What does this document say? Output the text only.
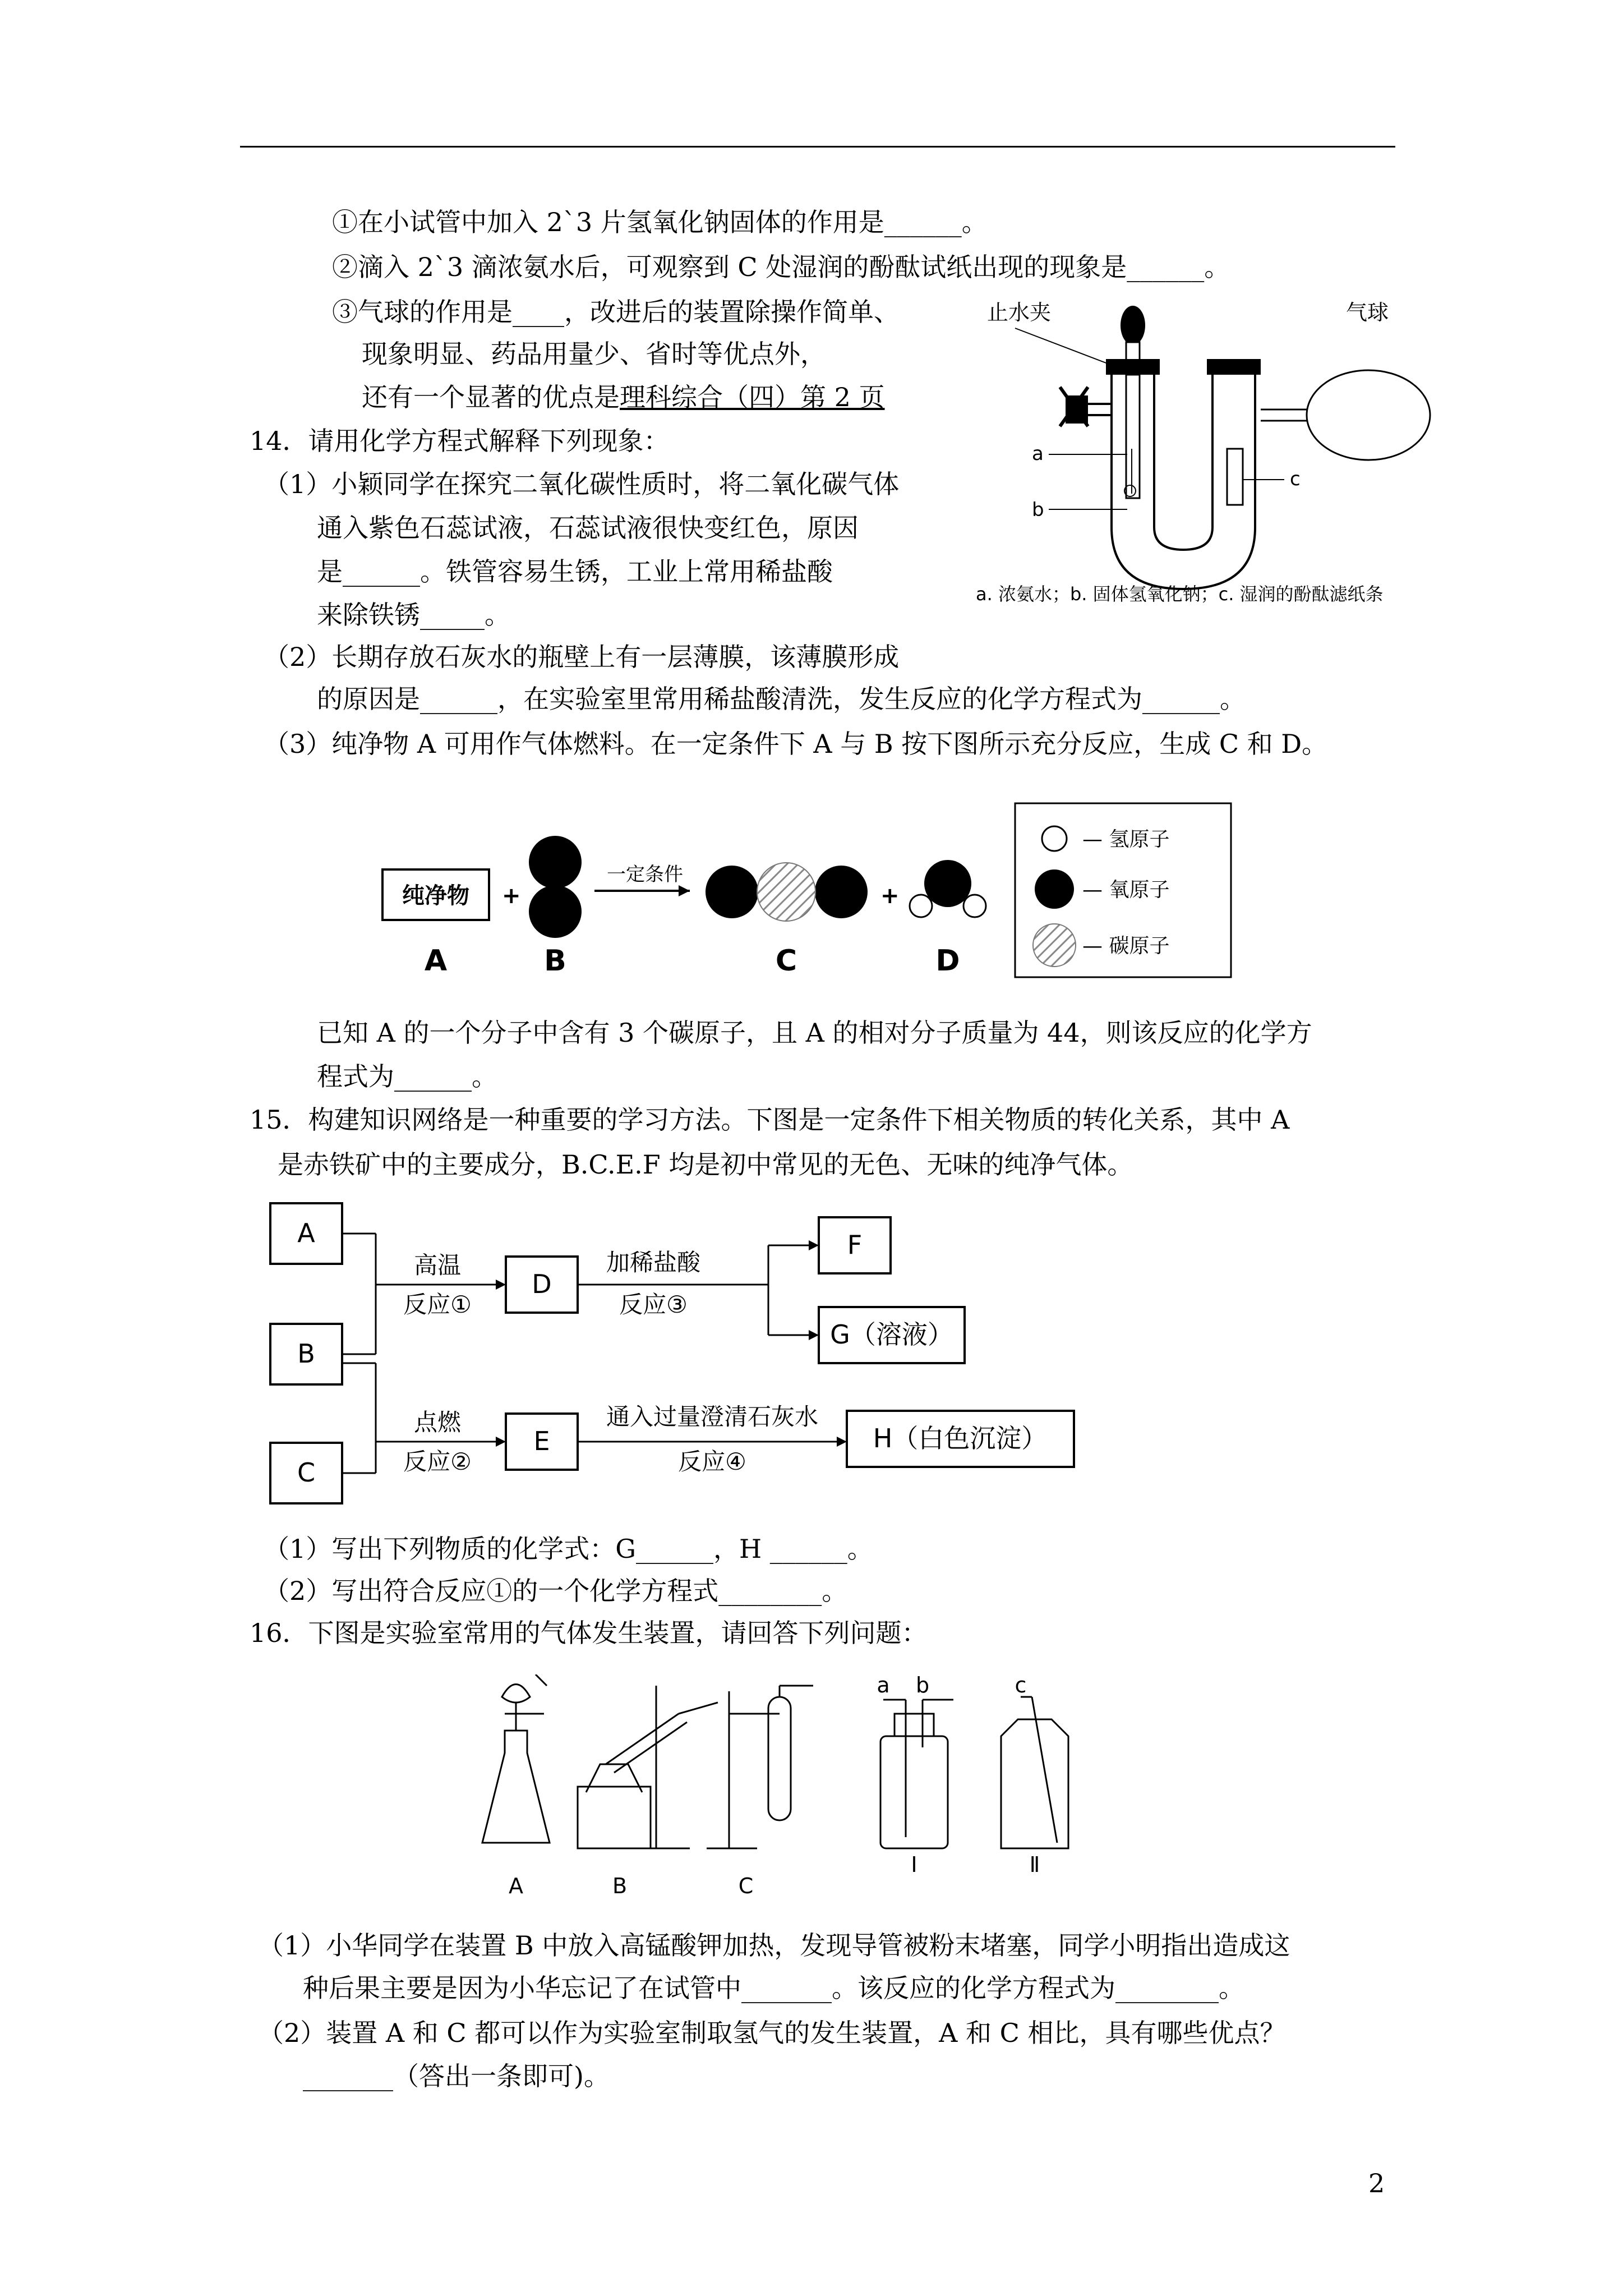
①在小试管中加入 2`3 片氢氧化钠固体的作用是______。
②滴入 2`3 滴浓氨水后，可观察到 C 处湿润的酚酞试纸出现的现象是______。
③气球的作用是____，改进后的装置除操作简单、
现象明显、药品用量少、省时等优点外，
还有一个显著的优点是理科综合（四）第 2 页
止水夹	气球
a
b
c
a. 浓氨水；b. 固体氢氧化钠；c. 湿润的酚酞滤纸条
14．请用化学方程式解释下列现象：
（1）小颖同学在探究二氧化碳性质时，将二氧化碳气体
通入紫色石蕊试液，石蕊试液很快变红色，原因
是______。铁管容易生锈，工业上常用稀盐酸
来除铁锈_____。
（2）长期存放石灰水的瓶壁上有一层薄膜，该薄膜形成
的原因是______，在实验室里常用稀盐酸清洗，发生反应的化学方程式为______。
（3）纯净物 A 可用作气体燃料。在一定条件下 A 与 B 按下图所示充分反应，生成 C 和 D。
纯净物 +
一定条件
+
A	B	C	D
— 氢原子
— 氧原子
— 碳原子
已知 A 的一个分子中含有 3 个碳原子，且 A 的相对分子质量为 44，则该反应的化学方
程式为______。
15．构建知识网络是一种重要的学习方法。下图是一定条件下相关物质的转化关系，其中 A
是赤铁矿中的主要成分，B.C.E.F 均是初中常见的无色、无味的纯净气体。
A
B
C
D
E
F
G（溶液）
H（白色沉淀）
高温
反应①
点燃
反应②
加稀盐酸
反应③
通入过量澄清石灰水
反应④
（1）写出下列物质的化学式：G______，H ______。
（2）写出符合反应①的一个化学方程式________。
16．下图是实验室常用的气体发生装置，请回答下列问题：
A	B	C
a b	c
Ⅰ	Ⅱ
（1）小华同学在装置 B 中放入高锰酸钾加热，发现导管被粉末堵塞，同学小明指出造成这
种后果主要是因为小华忘记了在试管中_______。该反应的化学方程式为________。
（2）装置 A 和 C 都可以作为实验室制取氢气的发生装置，A 和 C 相比，具有哪些优点？
_______（答出一条即可)。
2
